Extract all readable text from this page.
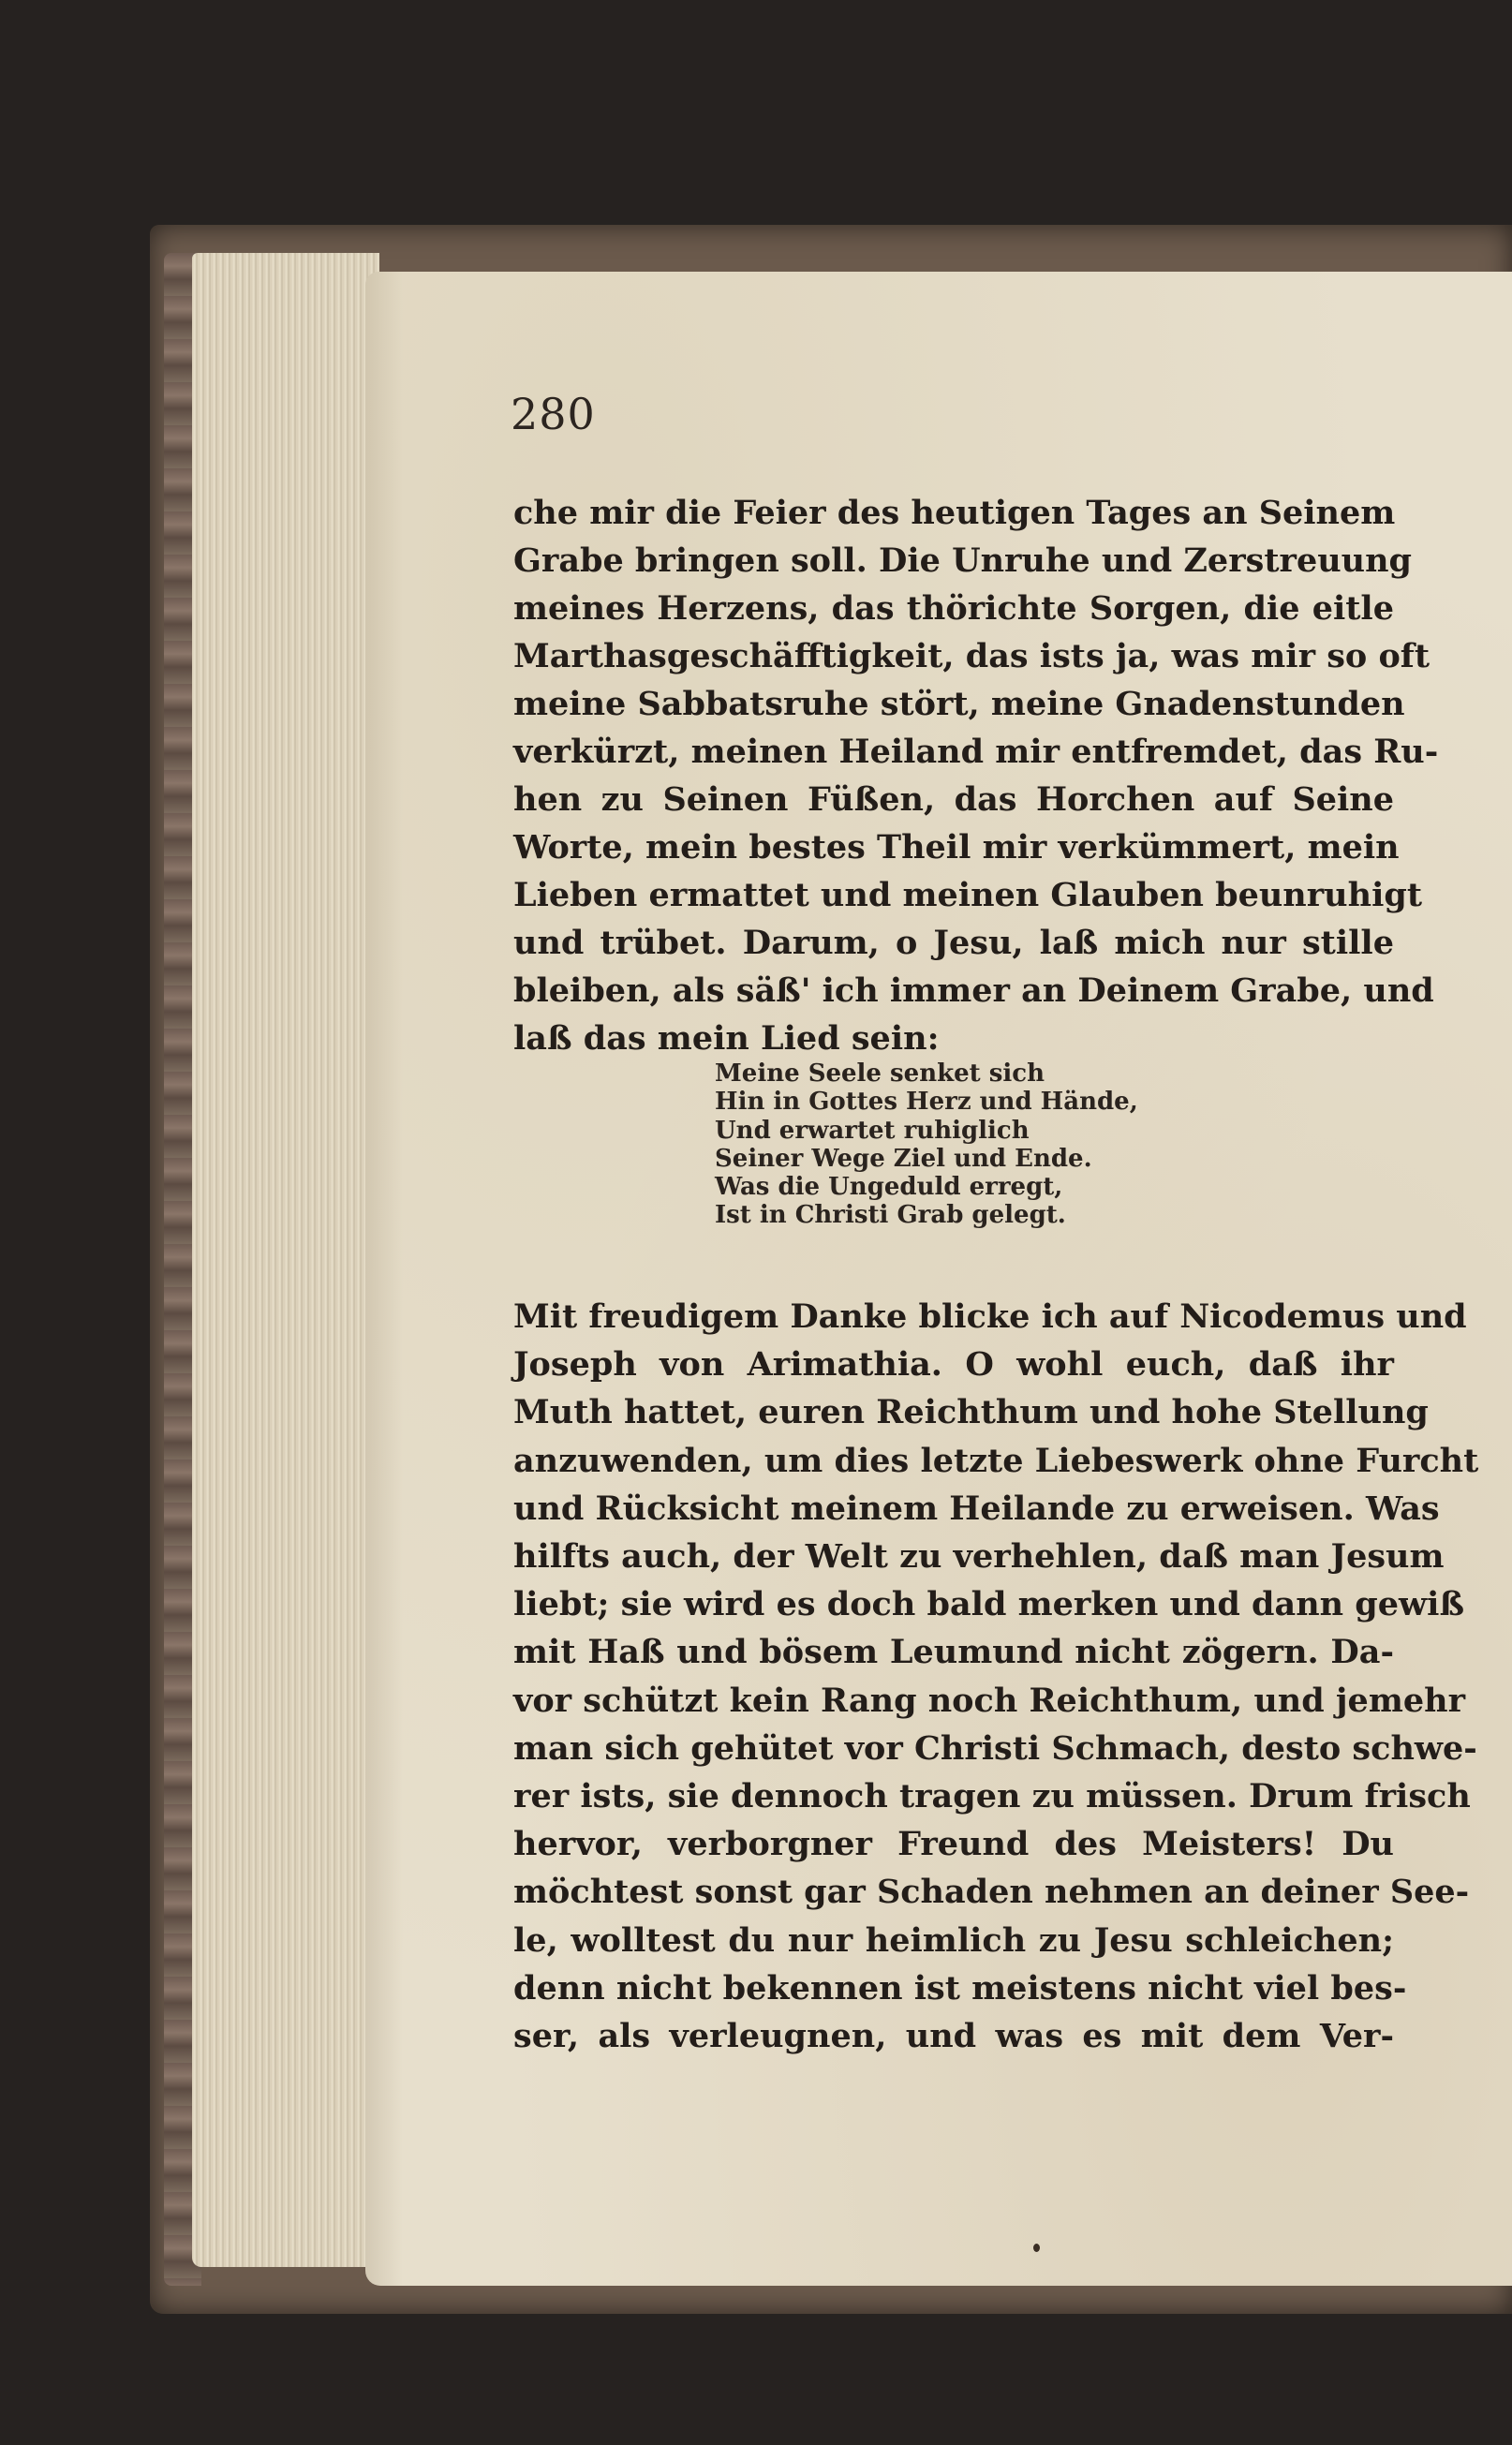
280
che mir die Feier des heutigen Tages an Seinem
Grabe bringen soll. Die Unruhe und Zerstreuung
meines Herzens, das thörichte Sorgen, die eitle
Marthasgeschäfftigkeit, das ists ja, was mir so oft
meine Sabbatsruhe stört, meine Gnadenstunden
verkürzt, meinen Heiland mir entfremdet, das Ru-
hen zu Seinen Füßen, das Horchen auf Seine
Worte, mein bestes Theil mir verkümmert, mein
Lieben ermattet und meinen Glauben beunruhigt
und trübet. Darum, o Jesu, laß mich nur stille
bleiben, als säß' ich immer an Deinem Grabe, und
laß das mein Lied sein:
Meine Seele senket sich
Hin in Gottes Herz und Hände,
Und erwartet ruhiglich
Seiner Wege Ziel und Ende.
Was die Ungeduld erregt,
Ist in Christi Grab gelegt.
Mit freudigem Danke blicke ich auf Nicodemus und
Joseph von Arimathia. O wohl euch, daß ihr
Muth hattet, euren Reichthum und hohe Stellung
anzuwenden, um dies letzte Liebeswerk ohne Furcht
und Rücksicht meinem Heilande zu erweisen. Was
hilfts auch, der Welt zu verhehlen, daß man Jesum
liebt; sie wird es doch bald merken und dann gewiß
mit Haß und bösem Leumund nicht zögern. Da-
vor schützt kein Rang noch Reichthum, und jemehr
man sich gehütet vor Christi Schmach, desto schwe-
rer ists, sie dennoch tragen zu müssen. Drum frisch
hervor, verborgner Freund des Meisters! Du
möchtest sonst gar Schaden nehmen an deiner See-
le, wolltest du nur heimlich zu Jesu schleichen;
denn nicht bekennen ist meistens nicht viel bes-
ser, als verleugnen, und was es mit dem Ver-
